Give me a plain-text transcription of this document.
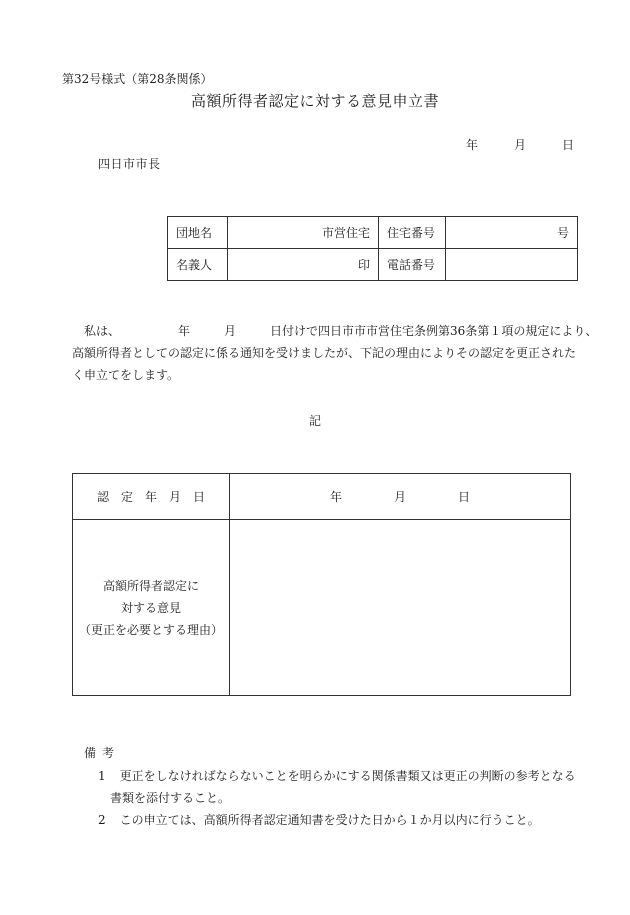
第32号様式（第28条関係）
高額所得者認定に対する意見申立書
年	月	日
四日市市長
団地名	市営住宅	住宅番号	号
名義人	印	電話番号	
私は、	年	月	日付けで四日市市市営住宅条例第36条第１項の規定により、
高額所得者としての認定に係る通知を受けましたが、下記の理由によりその認定を更正された
く申立てをします。
記
認　定　年　月　日	年 月 日

高額所得者認定に
対する意見
（更正を必要とする理由）	

備考
1 更正をしなければならないことを明らかにする関係書類又は更正の判断の参考となる
書類を添付すること。
2 この申立ては、高額所得者認定通知書を受けた日から１か月以内に行うこと。
